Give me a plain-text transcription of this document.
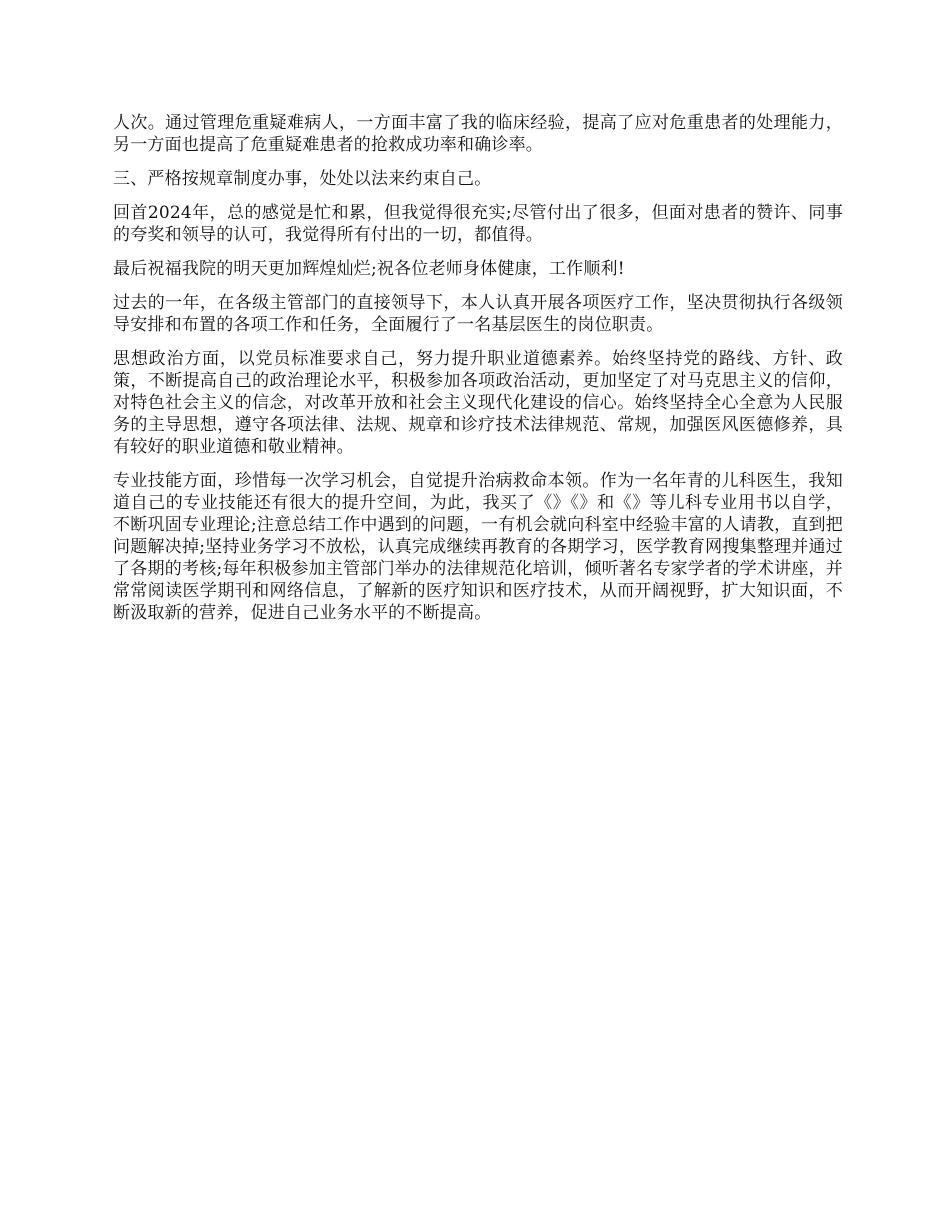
人次。通过管理危重疑难病人，一方面丰富了我的临床经验，提高了应对危重患者的处理能力，另一方面也提高了危重疑难患者的抢救成功率和确诊率。

三、严格按规章制度办事，处处以法来约束自己。

回首2024年，总的感觉是忙和累，但我觉得很充实;尽管付出了很多，但面对患者的赞许、同事的夸奖和领导的认可，我觉得所有付出的一切，都值得。

最后祝福我院的明天更加辉煌灿烂;祝各位老师身体健康，工作顺利!

过去的一年，在各级主管部门的直接领导下，本人认真开展各项医疗工作，坚决贯彻执行各级领导安排和布置的各项工作和任务，全面履行了一名基层医生的岗位职责。

思想政治方面，以党员标准要求自己，努力提升职业道德素养。始终坚持党的路线、方针、政策，不断提高自己的政治理论水平，积极参加各项政治活动，更加坚定了对马克思主义的信仰，对特色社会主义的信念，对改革开放和社会主义现代化建设的信心。始终坚持全心全意为人民服务的主导思想，遵守各项法律、法规、规章和诊疗技术法律规范、常规，加强医风医德修养，具有较好的职业道德和敬业精神。

专业技能方面，珍惜每一次学习机会，自觉提升治病救命本领。作为一名年青的儿科医生，我知道自己的专业技能还有很大的提升空间，为此，我买了《》《》和《》等儿科专业用书以自学，不断巩固专业理论;注意总结工作中遇到的问题，一有机会就向科室中经验丰富的人请教，直到把问题解决掉;坚持业务学习不放松，认真完成继续再教育的各期学习，医学教育网搜集整理并通过了各期的考核;每年积极参加主管部门举办的法律规范化培训，倾听著名专家学者的学术讲座，并常常阅读医学期刊和网络信息，了解新的医疗知识和医疗技术，从而开阔视野，扩大知识面，不断汲取新的营养，促进自己业务水平的不断提高。
